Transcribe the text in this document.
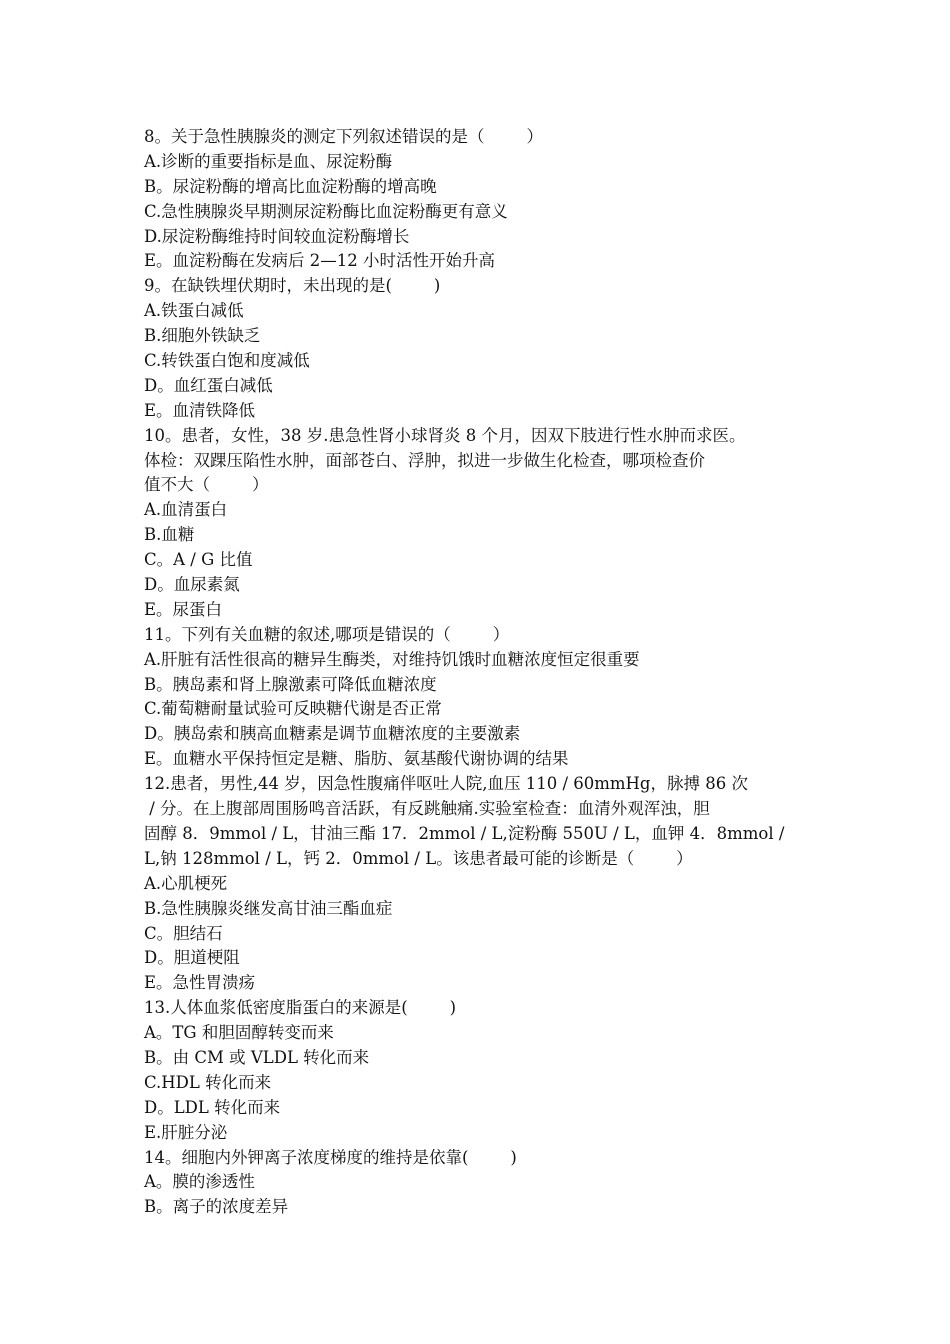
8。关于急性胰腺炎的测定下列叙述错误的是（        ）
A.诊断的重要指标是血、尿淀粉酶
B。尿淀粉酶的增高比血淀粉酶的增高晚
C.急性胰腺炎早期测尿淀粉酶比血淀粉酶更有意义
D.尿淀粉酶维持时间较血淀粉酶增长
E。血淀粉酶在发病后 2—12 小时活性开始升高
9。在缺铁埋伏期时，未出现的是(        )
A.铁蛋白减低
B.细胞外铁缺乏
C.转铁蛋白饱和度减低
D。血红蛋白减低
E。血清铁降低
10。患者，女性，38 岁.患急性肾小球肾炎 8 个月，因双下肢进行性水肿而求医。
体检：双踝压陷性水肿，面部苍白、浮肿，拟进一步做生化检查，哪项检查价
值不大（        ）
A.血清蛋白
B.血糖
C。A / G 比值
D。血尿素氮
E。尿蛋白
11。下列有关血糖的叙述,哪项是错误的（        ）
A.肝脏有活性很高的糖异生酶类，对维持饥饿时血糖浓度恒定很重要
B。胰岛素和肾上腺激素可降低血糖浓度
C.葡萄糖耐量试验可反映糖代谢是否正常
D。胰岛索和胰高血糖素是调节血糖浓度的主要激素
E。血糖水平保持恒定是糖、脂肪、氨基酸代谢协调的结果
12.患者，男性,44 岁，因急性腹痛伴呕吐人院,血压 110 / 60mmHg，脉搏 86 次
/ 分。在上腹部周围肠鸣音活跃，有反跳触痛.实验室检查：血清外观浑浊，胆
固醇 8．9mmol / L，甘油三酯 17．2mmol / L,淀粉酶 550U / L，血钾 4．8mmol /
L,钠 128mmol / L，钙 2．0mmol / L。该患者最可能的诊断是（        ）
A.心肌梗死
B.急性胰腺炎继发高甘油三酯血症
C。胆结石
D。胆道梗阻
E。急性胃溃疡
13.人体血浆低密度脂蛋白的来源是(        )
A。TG 和胆固醇转变而来
B。由 CM 或 VLDL 转化而来
C.HDL 转化而来
D。LDL 转化而来
E.肝脏分泌
14。细胞内外钾离子浓度梯度的维持是依靠(        )
A。膜的渗透性
B。离子的浓度差异
